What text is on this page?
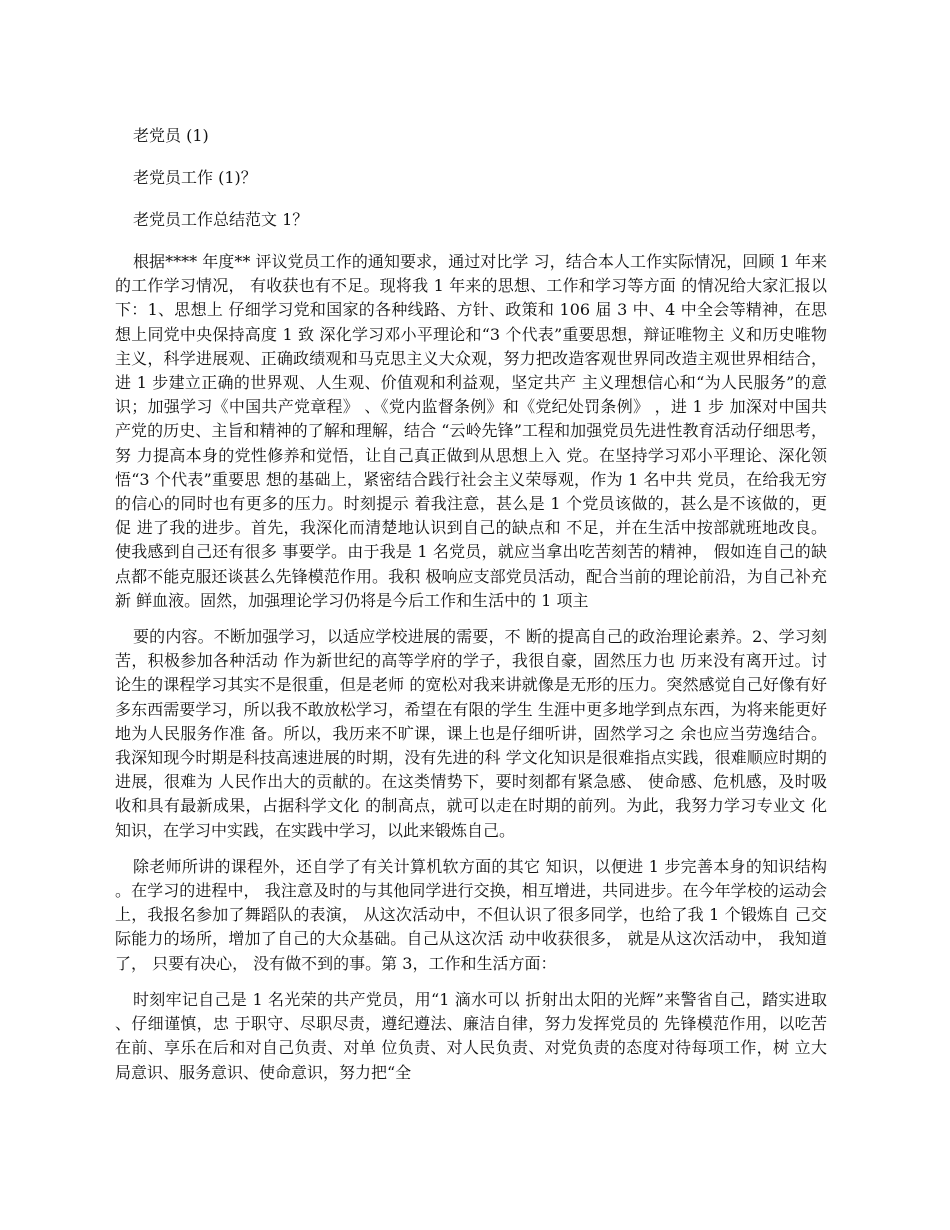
老党员 (1)
老党员工作 (1)？
老党员工作总结范文 1？

根据**** 年度** 评议党员工作的通知要求，通过对比学 习，结合本人工作实际情况，回顾 1 年来的工作学习情况， 有收获也有不足。现将我 1 年来的思想、工作和学习等方面 的情况给大家汇报以下：1、思想上 仔细学习党和国家的各种线路、方针、政策和 106 届 3 中、4 中全会等精神，在思想上同党中央保持高度 1 致 深化学习邓小平理论和“3 个代表”重要思想，辩证唯物主 义和历史唯物主义，科学进展观、正确政绩观和马克思主义大众观，努力把改造客观世界同改造主观世界相结合，进 1 步建立正确的世界观、人生观、价值观和利益观，坚定共产 主义理想信心和“为人民服务”的意识；加强学习《中国共产党章程》 、《党内监督条例》和《党纪处罚条例》 ，进 1 步 加深对中国共产党的历史、主旨和精神的了解和理解，结合 “云岭先锋”工程和加强党员先进性教育活动仔细思考，努 力提高本身的党性修养和觉悟，让自己真正做到从思想上入 党。在坚持学习邓小平理论、深化领悟“3 个代表”重要思 想的基础上，紧密结合践行社会主义荣辱观，作为 1 名中共 党员，在给我无穷的信心的同时也有更多的压力。时刻提示 着我注意，甚么是 1 个党员该做的，甚么是不该做的，更促 进了我的进步。首先，我深化而清楚地认识到自己的缺点和 不足，并在生活中按部就班地改良。使我感到自己还有很多 事要学。由于我是 1 名党员，就应当拿出吃苦刻苦的精神， 假如连自己的缺点都不能克服还谈甚么先锋模范作用。我积 极响应支部党员活动，配合当前的理论前沿，为自己补充新 鲜血液。固然，加强理论学习仍将是今后工作和生活中的 1 项主

要的内容。不断加强学习，以适应学校进展的需要，不 断的提高自己的政治理论素养。2、学习刻苦，积极参加各种活动 作为新世纪的高等学府的学子，我很自豪，固然压力也 历来没有离开过。讨论生的课程学习其实不是很重，但是老师 的宽松对我来讲就像是无形的压力。突然感觉自己好像有好 多东西需要学习，所以我不敢放松学习，希望在有限的学生 生涯中更多地学到点东西，为将来能更好地为人民服务作准 备。所以，我历来不旷课，课上也是仔细听讲，固然学习之 余也应当劳逸结合。我深知现今时期是科技高速进展的时期，没有先进的科 学文化知识是很难指点实践，很难顺应时期的进展，很难为 人民作出大的贡献的。在这类情势下，要时刻都有紧急感、 使命感、危机感，及时吸收和具有最新成果，占据科学文化 的制高点，就可以走在时期的前列。为此，我努力学习专业文 化知识，在学习中实践，在实践中学习，以此来锻炼自己。

除老师所讲的课程外，还自学了有关计算机软方面的其它 知识，以便进 1 步完善本身的知识结构。在学习的进程中， 我注意及时的与其他同学进行交换，相互增进，共同进步。在今年学校的运动会上，我报名参加了舞蹈队的表演， 从这次活动中，不但认识了很多同学，也给了我 1 个锻炼自 己交际能力的场所，增加了自己的大众基础。自己从这次活 动中收获很多， 就是从这次活动中， 我知道了， 只要有决心， 没有做不到的事。第 3，工作和生活方面：

时刻牢记自己是 1 名光荣的共产党员，用“1 滴水可以 折射出太阳的光辉”来警省自己，踏实进取、仔细谨慎，忠 于职守、尽职尽责，遵纪遵法、廉洁自律，努力发挥党员的 先锋模范作用，以吃苦在前、享乐在后和对自己负责、对单 位负责、对人民负责、对党负责的态度对待每项工作，树 立大局意识、服务意识、使命意识，努力把“全
